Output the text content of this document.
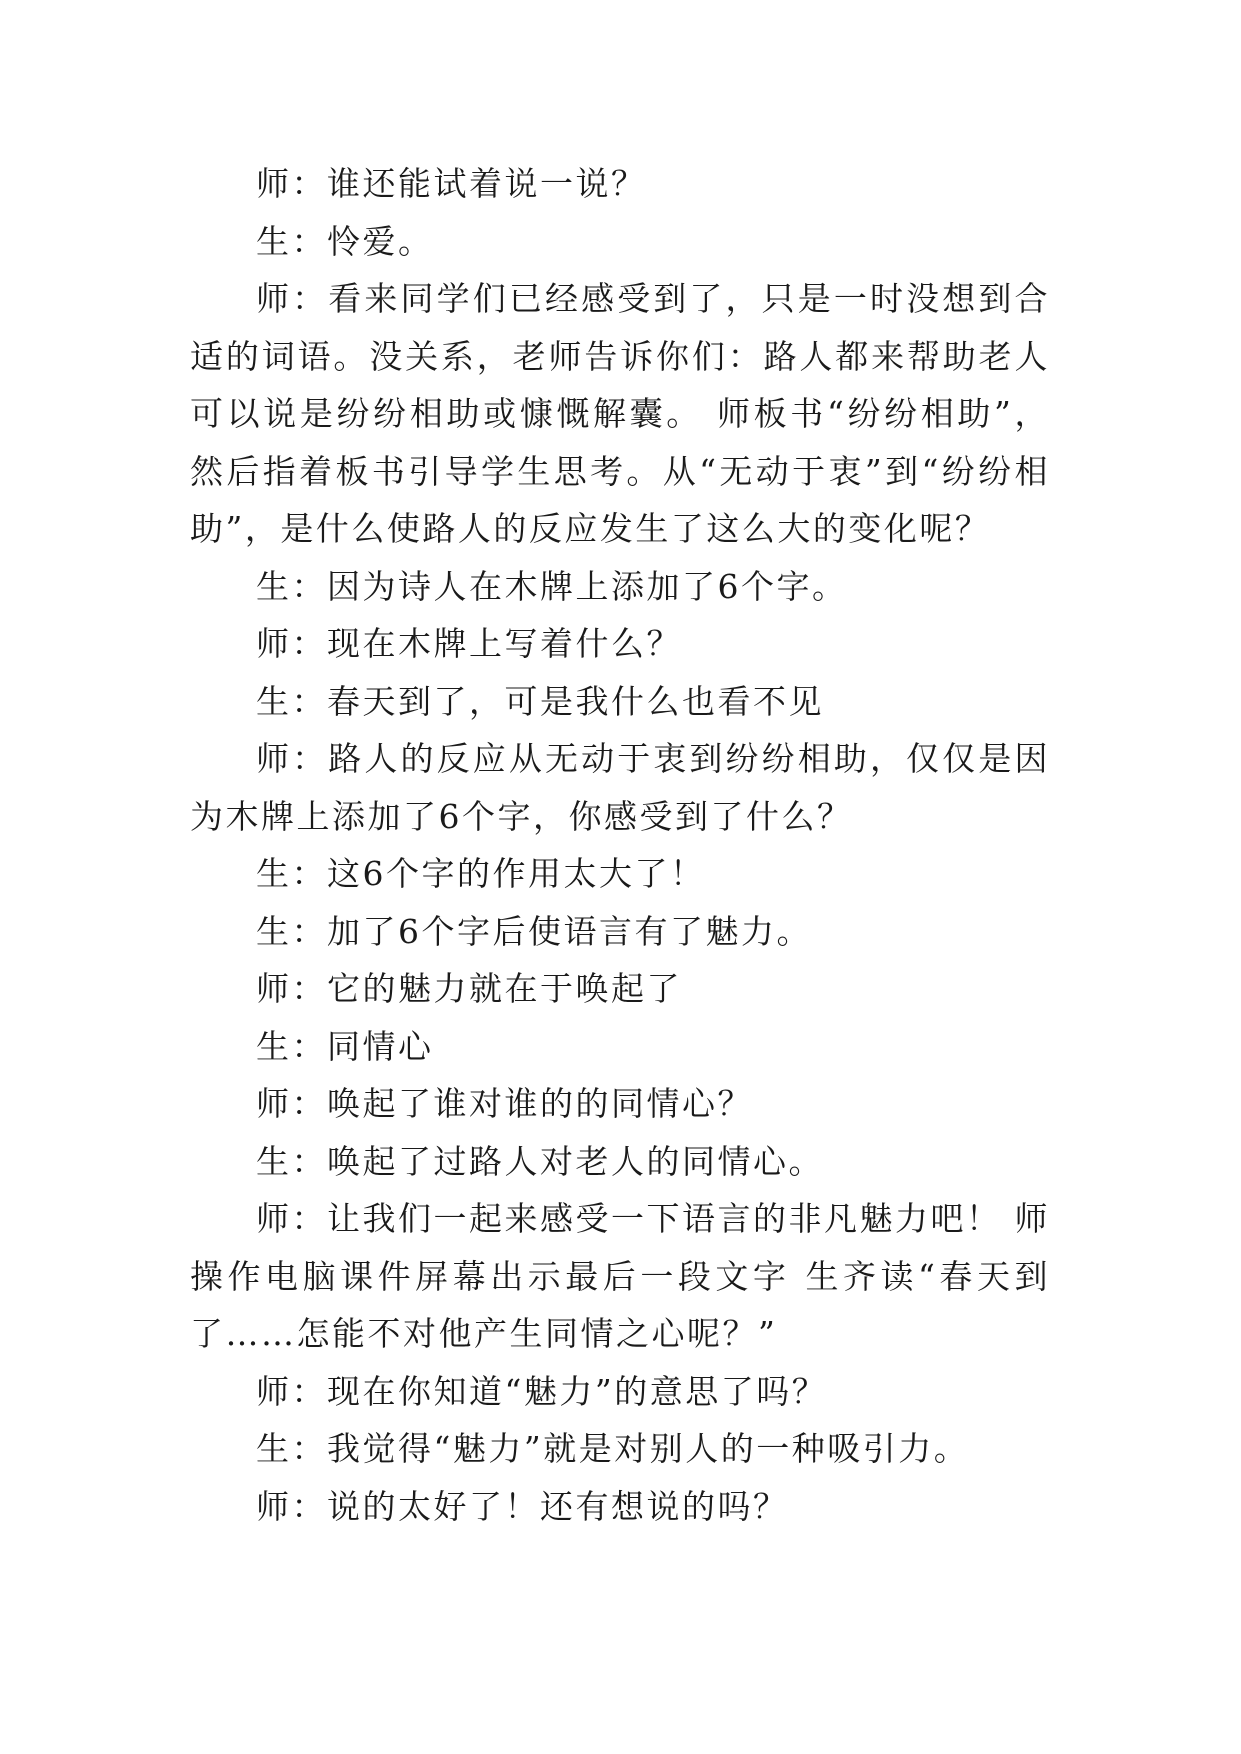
师：谁还能试着说一说？

生：怜爱。

师：看来同学们已经感受到了，只是一时没想到合适的词语。没关系，老师告诉你们：路人都来帮助老人可以说是纷纷相助或慷慨解囊。 师板书“纷纷相助”，然后指着板书引导学生思考。从“无动于衷”到“纷纷相助”，是什么使路人的反应发生了这么大的变化呢？

生：因为诗人在木牌上添加了6个字。

师：现在木牌上写着什么？

生：春天到了，可是我什么也看不见

师：路人的反应从无动于衷到纷纷相助，仅仅是因为木牌上添加了6个字，你感受到了什么？

生：这6个字的作用太大了！

生：加了6个字后使语言有了魅力。

师：它的魅力就在于唤起了

生：同情心

师：唤起了谁对谁的的同情心？

生：唤起了过路人对老人的同情心。

师：让我们一起来感受一下语言的非凡魅力吧！ 师操作电脑课件屏幕出示最后一段文字 生齐读“春天到了……怎能不对他产生同情之心呢？”

师：现在你知道“魅力”的意思了吗？

生：我觉得“魅力”就是对别人的一种吸引力。

师：说的太好了！还有想说的吗？
